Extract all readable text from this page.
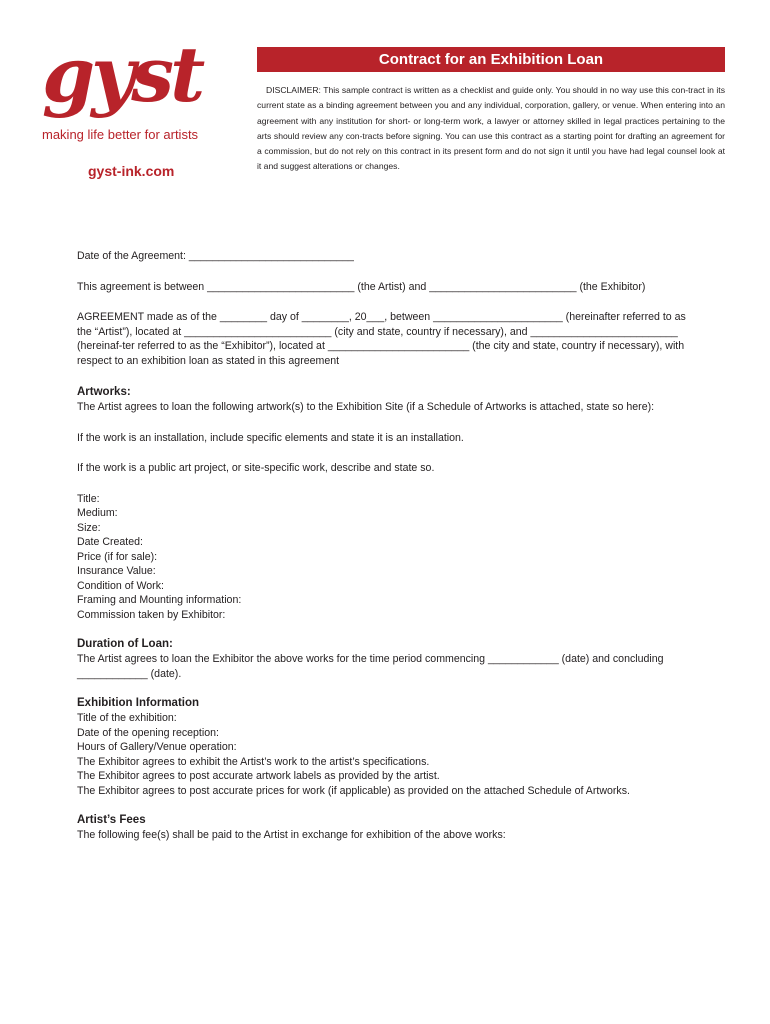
gyst
making life better for artists
gyst-ink.com
Contract for an Exhibition Loan
DISCLAIMER: This sample contract is written as a checklist and guide only. You should in no way use this con-tract in its current state as a binding agreement between you and any individual, corporation, gallery, or venue. When entering into an agreement with any institution for short- or long-term work, a lawyer or attorney skilled in legal practices pertaining to the arts should review any con-tracts before signing. You can use this contract as a starting point for drafting an agreement for a commission, but do not rely on this contract in its present form and do not sign it until you have had legal counsel look at it and suggest alterations or changes.

Date of the Agreement: ____________________________

This agreement is between _________________________ (the Artist) and _________________________ (the Exhibitor)

AGREEMENT made as of the ________ day of ________, 20___, between ______________________ (hereinafter referred to as the “Artist”), located at _________________________ (city and state, country if necessary), and _________________________ (hereinaf-ter referred to as the “Exhibitor”), located at ________________________ (the city and state, country if necessary), with respect to an exhibition loan as stated in this agreement

Artworks:

The Artist agrees to loan the following artwork(s) to the Exhibition Site (if a Schedule of Artworks is attached, state so here):

If the work is an installation, include specific elements and state it is an installation.

If the work is a public art project, or site-specific work, describe and state so.

Title:

Medium:

Size:

Date Created:

Price (if for sale):

Insurance Value:

Condition of Work:

Framing and Mounting information:

Commission taken by Exhibitor:

Duration of Loan:

The Artist agrees to loan the Exhibitor the above works for the time period commencing ____________ (date) and concluding ____________ (date).

Exhibition Information

Title of the exhibition:

Date of the opening reception:

Hours of Gallery/Venue operation:

The Exhibitor agrees to exhibit the Artist’s work to the artist’s specifications.

The Exhibitor agrees to post accurate artwork labels as provided by the artist.

The Exhibitor agrees to post accurate prices for work (if applicable) as provided on the attached Schedule of Artworks.

Artist’s Fees

The following fee(s) shall be paid to the Artist in exchange for exhibition of the above works:
